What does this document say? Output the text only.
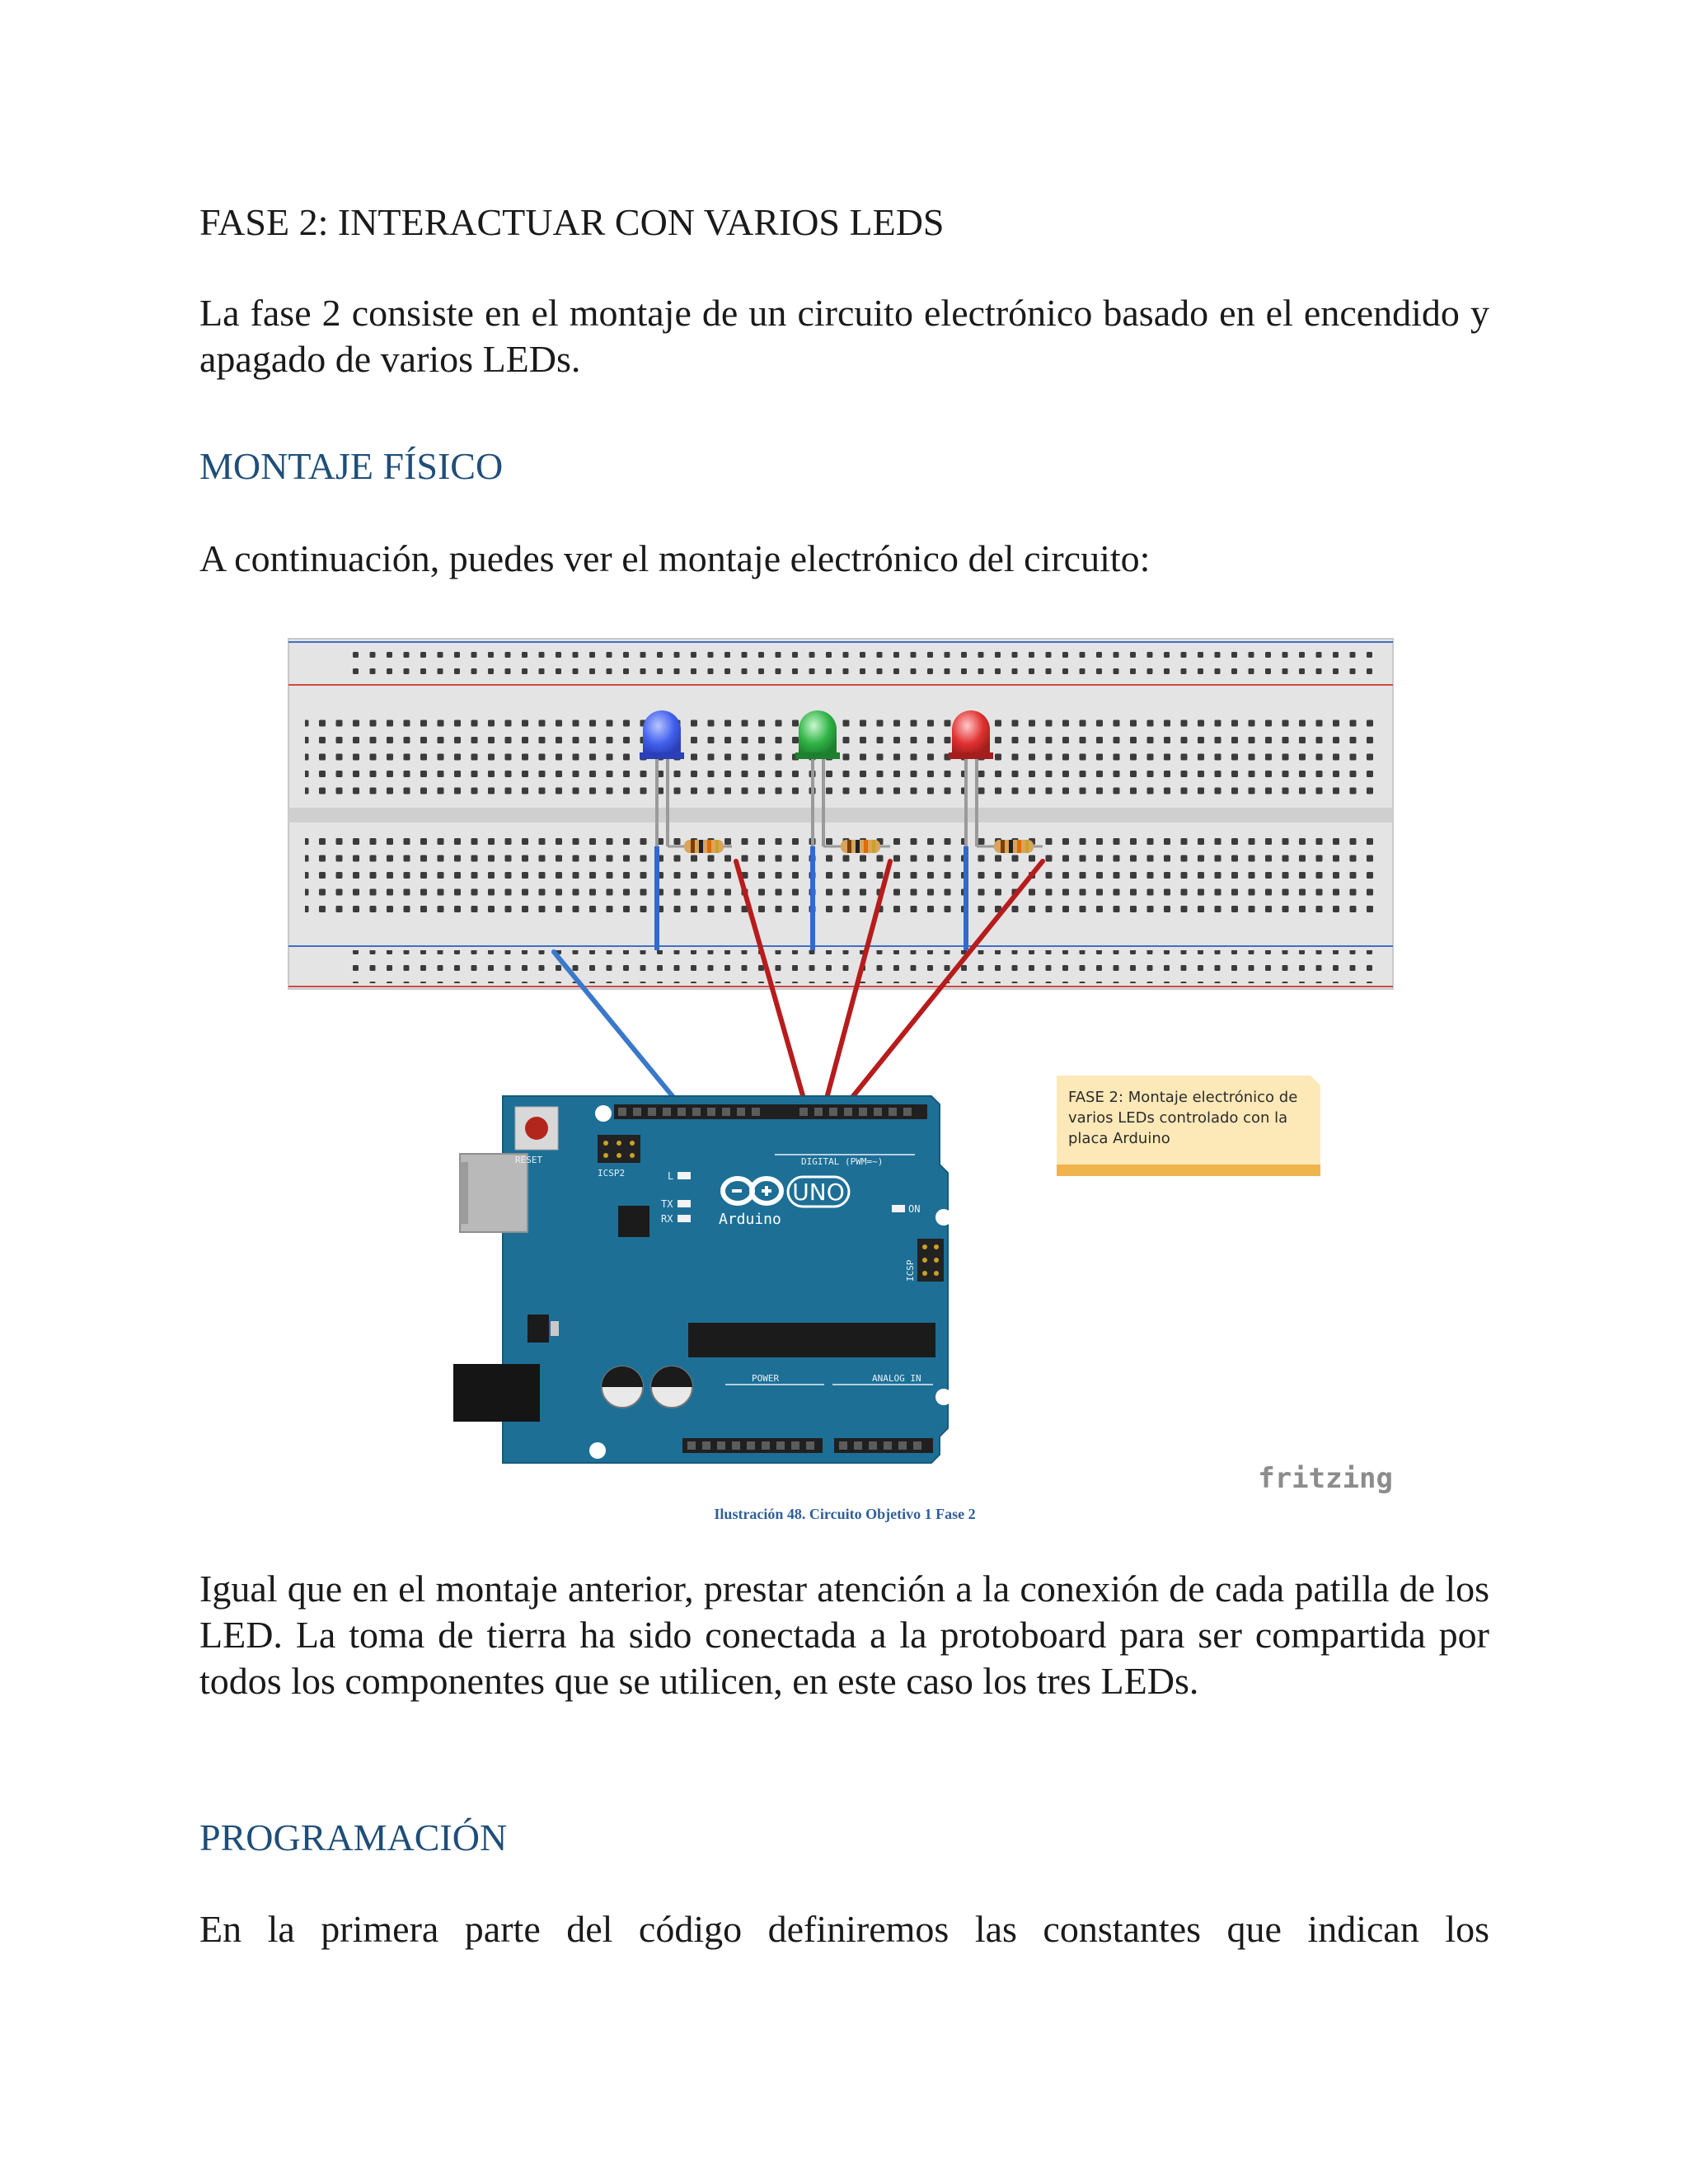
FASE 2: INTERACTUAR CON VARIOS LEDS
La fase 2 consiste en el montaje de un circuito electrónico basado en el encendido y apagado de varios LEDs.
MONTAJE FÍSICO
A continuación, puedes ver el montaje electrónico del circuito:
RESET
ICSP2
DIGITAL (PWM=~)
UNO
Arduino
L
TX
RX
ON
ICSP
POWER	ANALOG IN
FASE 2: Montaje electrónico de
varios LEDs controlado con la
placa Arduino
fritzing
Ilustración 48. Circuito Objetivo 1 Fase 2
Igual que en el montaje anterior, prestar atención a la conexión de cada patilla de los LED. La toma de tierra ha sido conectada a la protoboard para ser compartida por todos los componentes que se utilicen, en este caso los tres LEDs.
PROGRAMACIÓN
En la primera parte del código definiremos las constantes que indican los
